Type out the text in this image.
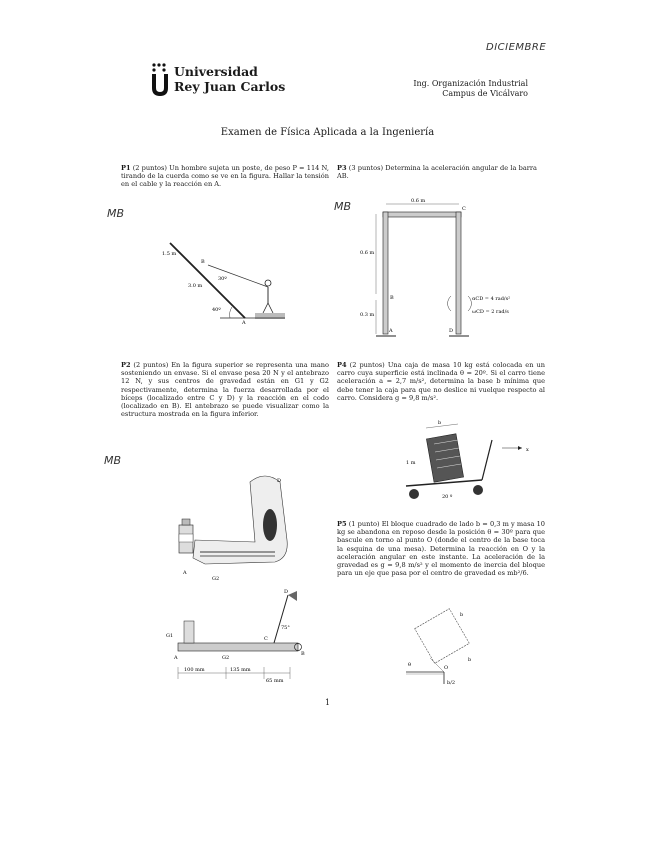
DICIEMBRE
Universidad
Rey Juan Carlos	Ing. Organización Industrial
Campus de Vicálvaro
Examen de Física Aplicada a la Ingeniería
P1 (2 puntos) Un hombre sujeta un poste, de peso P = 114 N, tirando de la cuerda como se ve en la figura. Hallar la tensión en el cable y la reacción en A.
MB
1.5 m
B
3.0 m
30º
40º
A
P3 (3 puntos) Determina la aceleración angular de la barra AB.
MB	0.6 m
C
0.6 m
B
0.3 m
A	D
αCD = 4 rad/s²
ωCD = 2 rad/s
P2 (2 puntos) En la figura superior se representa una mano sosteniendo un envase. Si el envase pesa 20 N y el antebrazo 12 N, y sus centros de gravedad están en G1 y G2 respectivamente, determina la fuerza desarrollada por el bíceps (localizado entre C y D) y la reacción en el codo (localizado en B). El antebrazo se puede visualizar como la estructura mostrada en la figura inferior.
MB
D
A
G2
D
G1
A	G2
C
B
75°
100 mm	135 mm
65 mm
P4 (2 puntos) Una caja de masa 10 kg está colocada en un carro cuya superficie está inclinada θ = 20º. Si el carro tiene aceleración a = 2,7 m/s², determina la base b mínima que debe tener la caja para que no deslice ni vuelque respecto al carro. Considera g = 9,8 m/s².
b
1 m
20 º
x
P5 (1 punto) El bloque cuadrado de lado b = 0,3 m y masa 10 kg se abandona en reposo desde la posición θ = 30º para que bascule en torno al punto O (donde el centro de la base toca la esquina de una mesa). Determina la reacción en O y la aceleración angular en este instante. La aceleración de la gravedad es g = 9,8 m/s² y el momento de inercia del bloque para un eje que pasa por el centro de gravedad es mb²/6.
b
θ	O
b
b/2
1
